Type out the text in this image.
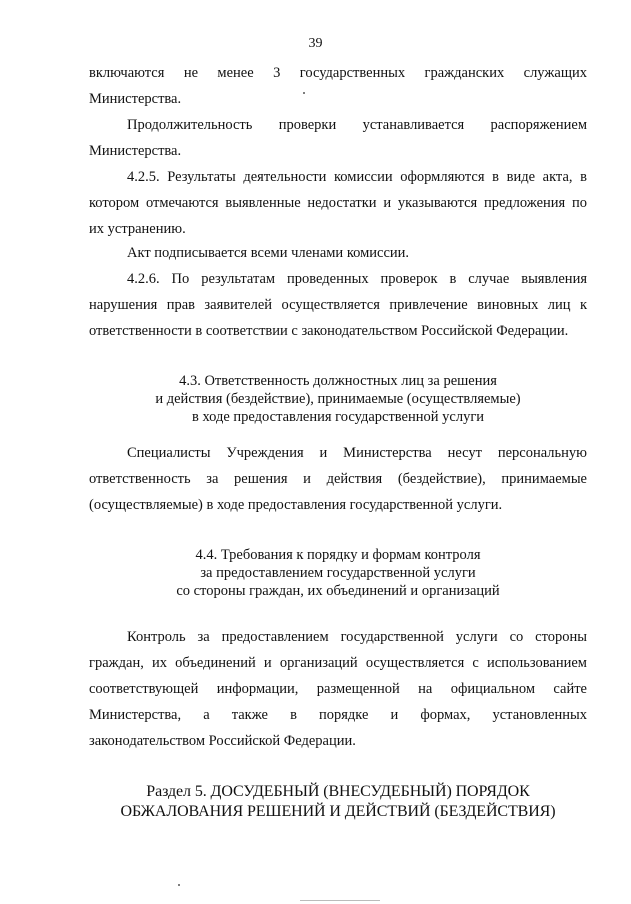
39
включаются не менее 3 государственных гражданских служащих
Министерства.
Продолжительность проверки устанавливается распоряжением
Министерства.
4.2.5. Результаты деятельности комиссии оформляются в виде акта, в
котором отмечаются выявленные недостатки и указываются предложения по
их устранению.
Акт подписывается всеми членами комиссии.
4.2.6. По результатам проведенных проверок в случае выявления
нарушения прав заявителей осуществляется привлечение виновных лиц к
ответственности в соответствии с законодательством Российской Федерации.
4.3. Ответственность должностных лиц за решения
и действия (бездействие), принимаемые (осуществляемые)
в ходе предоставления государственной услуги
Специалисты Учреждения и Министерства несут персональную
ответственность за решения и действия (бездействие), принимаемые
(осуществляемые) в ходе предоставления государственной услуги.
4.4. Требования к порядку и формам контроля
за предоставлением государственной услуги
со стороны граждан, их объединений и организаций
Контроль за предоставлением государственной услуги со стороны
граждан, их объединений и организаций осуществляется с использованием
соответствующей информации, размещенной на официальном сайте
Министерства, а также в порядке и формах, установленных
законодательством Российской Федерации.
Раздел 5. ДОСУДЕБНЫЙ (ВНЕСУДЕБНЫЙ) ПОРЯДОК
ОБЖАЛОВАНИЯ РЕШЕНИЙ И ДЕЙСТВИЙ (БЕЗДЕЙСТВИЯ)
